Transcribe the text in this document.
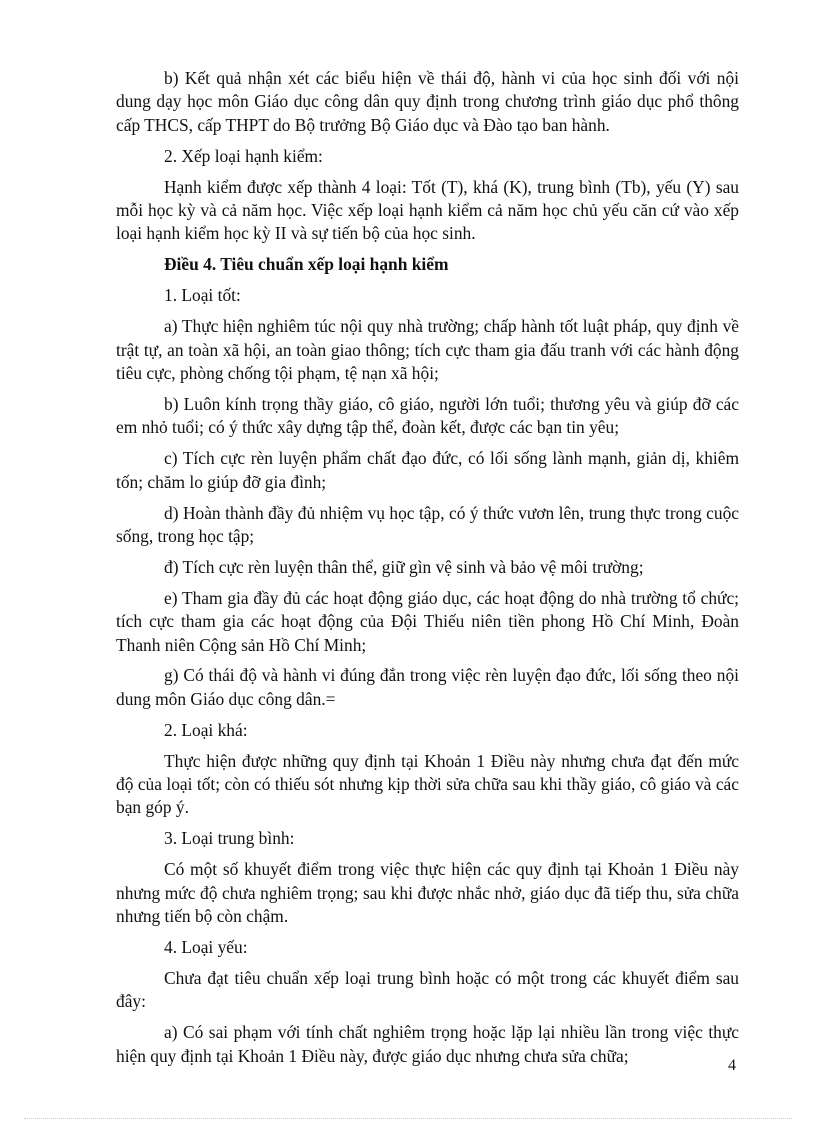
b) Kết quả nhận xét các biểu hiện về thái độ, hành vi của học sinh đối với nội dung dạy học môn Giáo dục công dân quy định trong chương trình giáo dục phổ thông cấp THCS, cấp THPT do Bộ trưởng Bộ Giáo dục và Đào tạo ban hành.

2. Xếp loại hạnh kiểm:

Hạnh kiểm được xếp thành 4 loại: Tốt (T), khá (K), trung bình (Tb), yếu (Y) sau mỗi học kỳ và cả năm học. Việc xếp loại hạnh kiểm cả năm học chủ yếu căn cứ vào xếp loại hạnh kiểm học kỳ II và sự tiến bộ của học sinh.

Điều 4. Tiêu chuẩn xếp loại hạnh kiểm

1. Loại tốt:

a) Thực hiện nghiêm túc nội quy nhà trường; chấp hành tốt luật pháp, quy định về trật tự, an toàn xã hội, an toàn giao thông; tích cực tham gia đấu tranh với các hành động tiêu cực, phòng chống tội phạm, tệ nạn xã hội;

b) Luôn kính trọng thầy giáo, cô giáo, người lớn tuổi; thương yêu và giúp đỡ các em nhỏ tuổi; có ý thức xây dựng tập thể, đoàn kết, được các bạn tin yêu;

c) Tích cực rèn luyện phẩm chất đạo đức, có lối sống lành mạnh, giản dị, khiêm tốn; chăm lo giúp đỡ gia đình;

d) Hoàn thành đầy đủ nhiệm vụ học tập, có ý thức vươn lên, trung thực trong cuộc sống, trong học tập;

đ) Tích cực rèn luyện thân thể, giữ gìn vệ sinh và bảo vệ môi trường;

e) Tham gia đầy đủ các hoạt động giáo dục, các hoạt động do nhà trường tổ chức; tích cực tham gia các hoạt động của Đội Thiếu niên tiền phong Hồ Chí Minh, Đoàn Thanh niên Cộng sản Hồ Chí Minh;

g) Có thái độ và hành vi đúng đắn trong việc rèn luyện đạo đức, lối sống theo nội dung môn Giáo dục công dân.=

2. Loại khá:

Thực hiện được những quy định tại Khoản 1 Điều này nhưng chưa đạt đến mức độ của loại tốt; còn có thiếu sót nhưng kịp thời sửa chữa sau khi thầy giáo, cô giáo và các bạn góp ý.

3. Loại trung bình:

Có một số khuyết điểm trong việc thực hiện các quy định tại Khoản 1 Điều này nhưng mức độ chưa nghiêm trọng; sau khi được nhắc nhở, giáo dục đã tiếp thu, sửa chữa nhưng tiến bộ còn chậm.

4. Loại yếu:

Chưa đạt tiêu chuẩn xếp loại trung bình hoặc có một trong các khuyết điểm sau đây:

a) Có sai phạm với tính chất nghiêm trọng hoặc lặp lại nhiều lần trong việc thực hiện quy định tại Khoản 1 Điều này, được giáo dục nhưng chưa sửa chữa;	4
